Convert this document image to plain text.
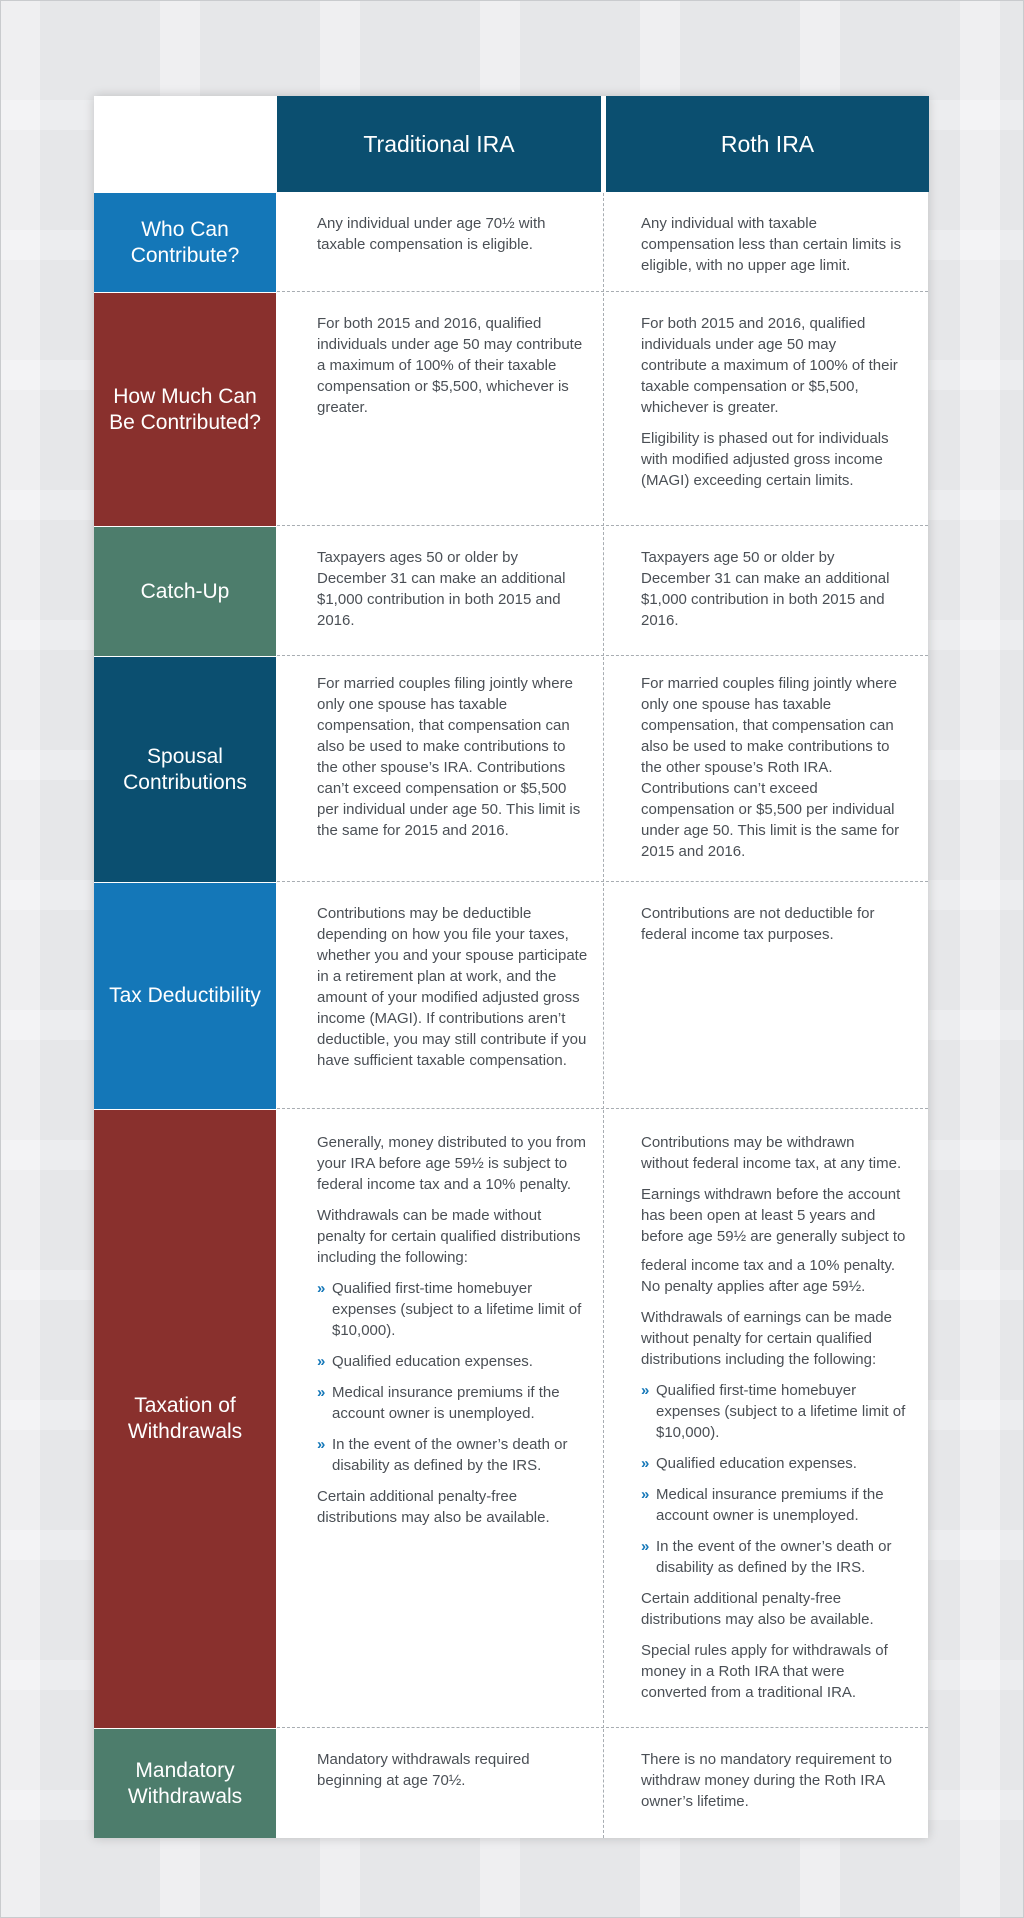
Traditional IRA	Roth IRA
Who Can Contribute?

Any individual under age 70½ with taxable compensation is eligible.

Any individual with taxable compensation less than certain limits is eligible, with no upper age limit.

How Much Can Be Contributed?

For both 2015 and 2016, qualified individuals under age 50 may contribute a maximum of 100% of their taxable compensation or $5,500, whichever is greater.

For both 2015 and 2016, qualified individuals under age 50 may contribute a maximum of 100% of their taxable compensation or $5,500, whichever is greater.

Eligibility is phased out for individuals with modified adjusted gross income (MAGI) exceeding certain limits.

Catch-Up

Taxpayers ages 50 or older by December 31 can make an additional $1,000 contribution in both 2015 and 2016.

Taxpayers age 50 or older by December 31 can make an additional $1,000 contribution in both 2015 and 2016.

Spousal Contributions

For married couples filing jointly where only one spouse has taxable compensation, that compensation can also be used to make contributions to the other spouse’s IRA. Contributions can’t exceed compensation or $5,500 per individual under age 50. This limit is the same for 2015 and 2016.

For married couples filing jointly where only one spouse has taxable compensation, that compensation can also be used to make contributions to the other spouse’s Roth IRA. Contributions can’t exceed compensation or $5,500 per individual under age 50. This limit is the same for 2015 and 2016.

Tax Deductibility

Contributions may be deductible depending on how you file your taxes, whether you and your spouse participate in a retirement plan at work, and the amount of your modified adjusted gross income (MAGI). If contributions aren’t deductible, you may still contribute if you have sufficient taxable compensation.

Contributions are not deductible for federal income tax purposes.

Taxation of Withdrawals

Generally, money distributed to you from your IRA before age 59½ is subject to federal income tax and a 10% penalty.

Withdrawals can be made without penalty for certain qualified distributions including the following:

» Qualified first-time homebuyer expenses (subject to a lifetime limit of $10,000).
» Qualified education expenses.
» Medical insurance premiums if the account owner is unemployed.
» In the event of the owner’s death or disability as defined by the IRS.

Certain additional penalty-free distributions may also be available.

Contributions may be withdrawn without federal income tax, at any time.

Earnings withdrawn before the account has been open at least 5 years and before age 59½ are generally subject to

federal income tax and a 10% penalty. No penalty applies after age 59½.

Withdrawals of earnings can be made without penalty for certain qualified distributions including the following:

» Qualified first-time homebuyer expenses (subject to a lifetime limit of $10,000).
» Qualified education expenses.
» Medical insurance premiums if the account owner is unemployed.
» In the event of the owner’s death or disability as defined by the IRS.

Certain additional penalty-free distributions may also be available.

Special rules apply for withdrawals of money in a Roth IRA that were converted from a traditional IRA.

Mandatory Withdrawals

Mandatory withdrawals required beginning at age 70½.

There is no mandatory requirement to withdraw money during the Roth IRA owner’s lifetime.
